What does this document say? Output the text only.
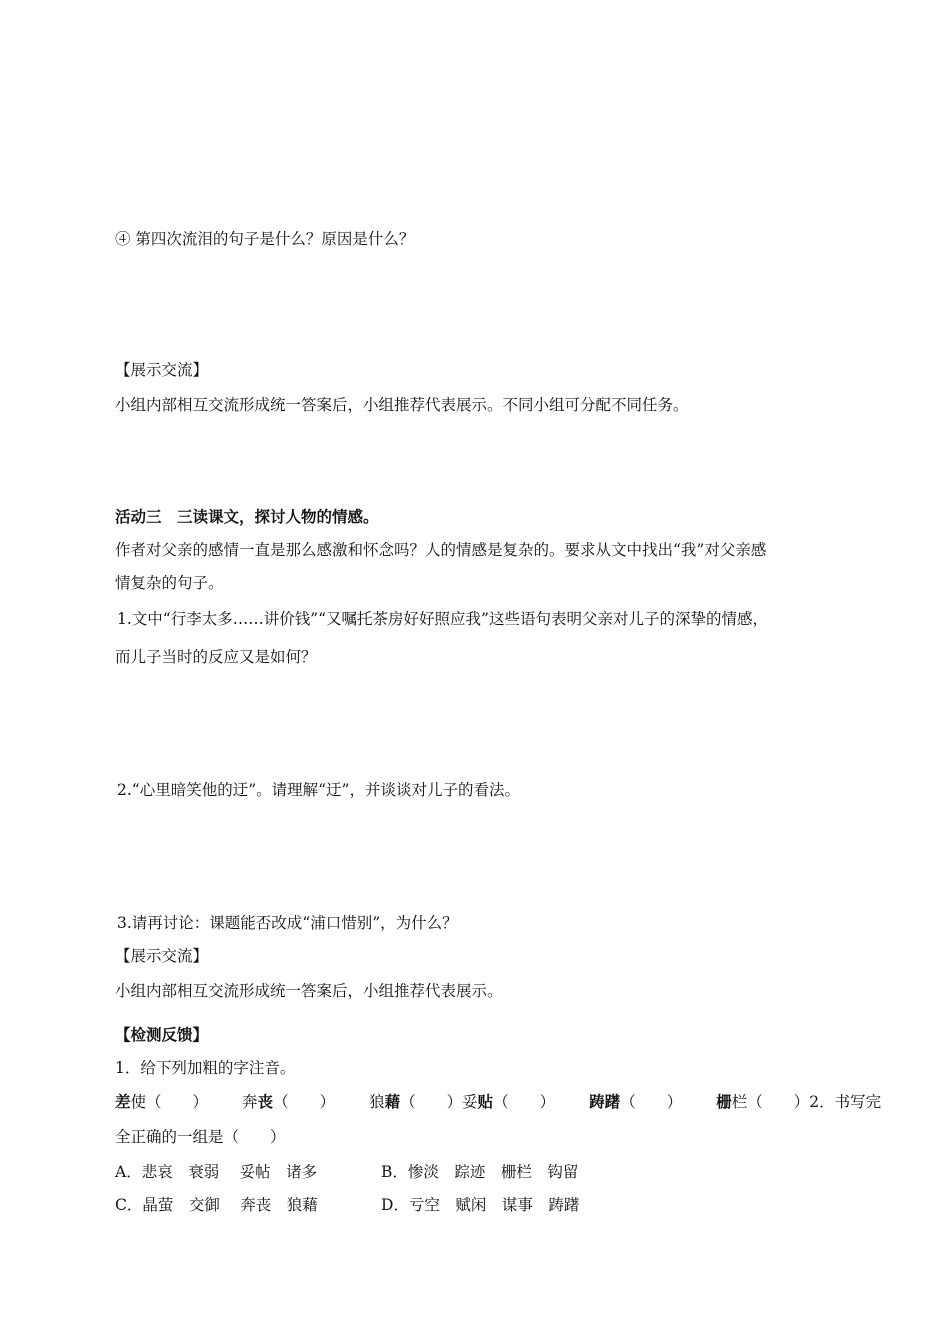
④ 第四次流泪的句子是什么？原因是什么？
【展示交流】
小组内部相互交流形成统一答案后，小组推荐代表展示。不同小组可分配不同任务。
活动三　三读课文，探讨人物的情感。
作者对父亲的感情一直是那么感激和怀念吗？人的情感是复杂的。要求从文中找出“我”对父亲感
情复杂的句子。
1.文中“行李太多……讲价钱”“又嘱托茶房好好照应我”这些语句表明父亲对儿子的深挚的情感，
而儿子当时的反应又是如何？
2.“心里暗笑他的迂”。请理解“迂”，并谈谈对儿子的看法。
3.请再讨论：课题能否改成“浦口惜别”，为什么？
【展示交流】
小组内部相互交流形成统一答案后，小组推荐代表展示。
【检测反馈】
1．给下列加粗的字注音。
差使（　　） 奔丧（　　） 狼藉（　　）妥贴（　　） 踌躇（　　） 栅栏（　　）2．书写完
全正确的一组是（　　）
A．悲哀　衰弱　 妥帖　诸多	B．惨淡　踪迹　栅栏　钩留
C．晶萤　交御　 奔丧　狼藉	D．亏空　赋闲　谋事　踌躇
